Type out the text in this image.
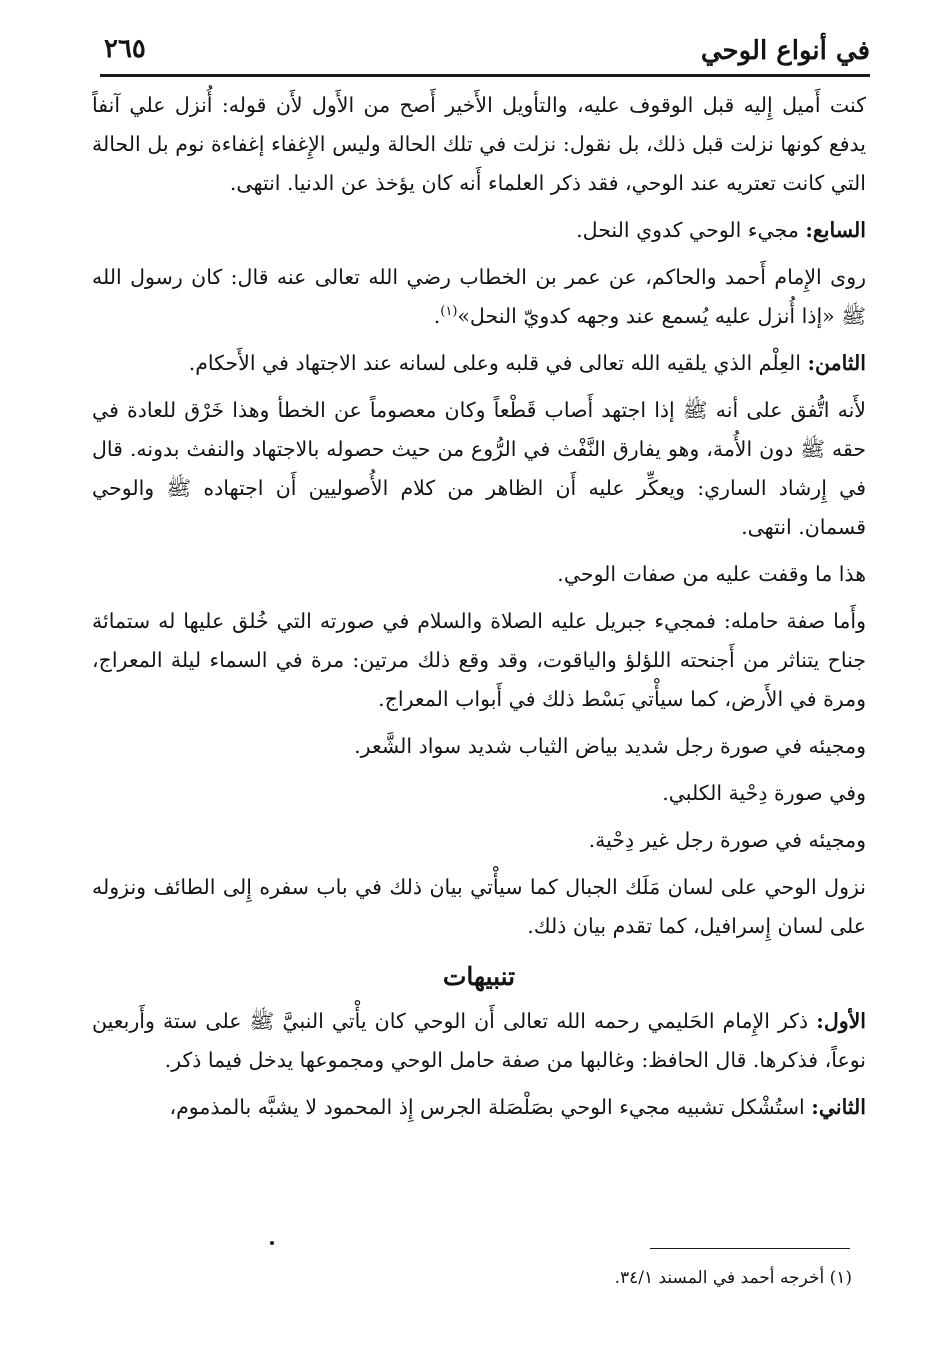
في أنواع الوحي
٢٦٥

كنت أَميل إِليه قبل الوقوف عليه، والتأويل الأَخير أَصح من الأَول لأَن قوله: أُنزل علي آنفاً يدفع كونها نزلت قبل ذلك، بل نقول: نزلت في تلك الحالة وليس الإِغفاء إغفاءة نوم بل الحالة التي كانت تعتريه عند الوحي، فقد ذكر العلماء أَنه كان يؤخذ عن الدنيا. انتهى.

السابع: مجيء الوحي كدوي النحل.

روى الإِمام أَحمد والحاكم، عن عمر بن الخطاب رضي الله تعالى عنه قال: كان رسول الله ﷺ «إذا أُنزل عليه يُسمع عند وجهه كدويّ النحل»$^{(١)}$.

الثامن: العِلْم الذي يلقيه الله تعالى في قلبه وعلى لسانه عند الاجتهاد في الأَحكام.

لأَنه اتُّفق على أنه ﷺ إذا اجتهد أَصاب قَطْعاً وكان معصوماً عن الخطأ وهذا خَرْق للعادة في حقه ﷺ دون الأُمة، وهو يفارق النَّفْث في الرُّوع من حيث حصوله بالاجتهاد والنفث بدونه. قال في إِرشاد الساري: ويعكِّر عليه أَن الظاهر من كلام الأُصوليين أَن اجتهاده ﷺ والوحي قسمان. انتهى.

هذا ما وقفت عليه من صفات الوحي.

وأَما صفة حامله: فمجيء جبريل عليه الصلاة والسلام في صورته التي خُلق عليها له ستمائة جناح يتناثر من أَجنحته اللؤلؤ والياقوت، وقد وقع ذلك مرتين: مرة في السماء ليلة المعراج، ومرة في الأَرض، كما سيأْتي بَسْط ذلك في أَبواب المعراج.

ومجيئه في صورة رجل شديد بياض الثياب شديد سواد الشَّعر.

وفي صورة دِحْية الكلبي.

ومجيئه في صورة رجل غير دِحْية.

نزول الوحي على لسان مَلَك الجبال كما سيأْتي بيان ذلك في باب سفره إِلى الطائف ونزوله على لسان إِسرافيل، كما تقدم بيان ذلك.

تنبيهات

الأول: ذكر الإِمام الحَليمي رحمه الله تعالى أَن الوحي كان يأْتي النبيَّ ﷺ على ستة وأَربعين نوعاً، فذكرها. قال الحافظ: وغالبها من صفة حامل الوحي ومجموعها يدخل فيما ذكر.

الثاني: استُشْكل تشبيه مجيء الوحي بصَلْصَلة الجرس إِذ المحمود لا يشبَّه بالمذموم،

(١) أخرجه أحمد في المسند ٣٤/١.
